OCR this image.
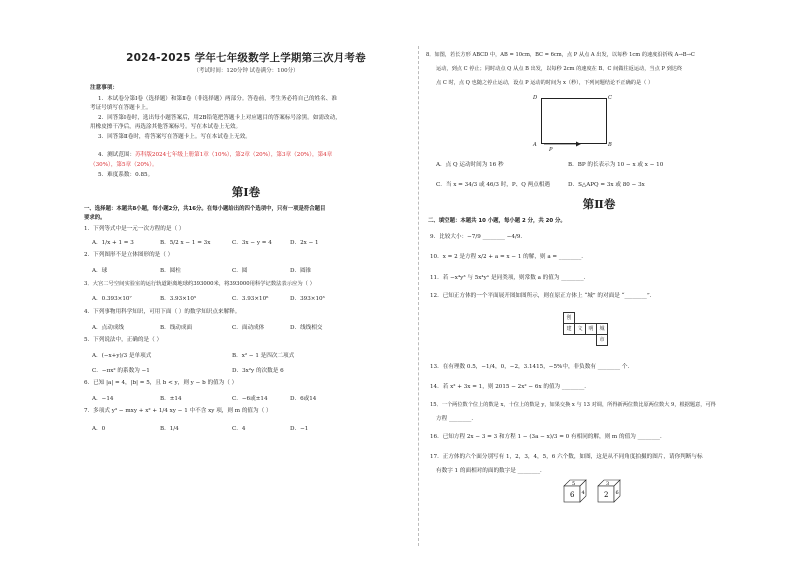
2024-2025 学年七年级数学上学期第三次月考卷
（考试时间：120分钟 试卷满分：100分）
注意事项：
1．本试卷分第Ⅰ卷（选择题）和第Ⅱ卷（非选择题）两部分。答卷前，考生务必将自己的姓名、准
考证号填写在答题卡上。
2．回答第Ⅰ卷时，选出每小题答案后，用2B铅笔把答题卡上对应题目的答案标号涂黑。如需改动，
用橡皮擦干净后，再选涂其他答案标号。写在本试卷上无效。
3．回答第Ⅱ卷时，将答案写在答题卡上。写在本试卷上无效。
4．测试范围：苏科版2024七年级上册第1章（10%），第2章（20%），第3章（20%），第4章
（30%），第5章（20%）。
5．难度系数：0.85。
第Ⅰ卷
一、选择题：本题共8小题，每小题2分，共16分。在每小题给出的四个选项中，只有一项是符合题目
要求的。
1．下列等式中是一元一次方程的是（ ）
A．1/x + 1 = 3	B．5/2 x − 1 = 3x	C．3x − y = 4	D．2x − 1
2．下列图形不是立体图形的是（ ）
A．球	B．圆柱	C．圆	D．圆锥
3．大宫二号空间实验室的运行轨道距离地球约393000米，将393000用科学记数法表示应为（ ）
A．0.393×10⁷	B．3.93×10⁵	C．3.93×10⁶	D．393×10³
4．下列事物用科学知识，可用下面（ ）的数学知识点来解释。
A．点动成线	B．线动成面	C．面动成体	D．线线相交
5．下列说法中，正确的是（ ）
A．(−x+y)/3 是单项式	B．x² − 1 是四次二项式
C．−πx² 的系数为 −1	D．3x²y 的次数是 6
6．已知 |a| = 4，|b| = 5，且 b < y，则 y − b 的值为（ ）
A．−14	B．±14	C．−6或±14	D．6或14
7．多项式 y³ − mxy + x² + 1/4 xy − 1 中不含 xy 项，则 m 的值为（ ）
A．0	B．1/4	C．4	D．−1
8．如图，若长方形 ABCD 中，AB = 10cm，BC = 6cm，点 P 从点 A 出发，以每秒 1cm 的速度沿折线 A→B→C
运动，到点 C 停止；同时动点 Q 从点 B 出发，以每秒 2cm 的速度在 B、C 间做往返运动，当点 P 到达终
点 C 时，点 Q 也随之停止运动，设点 P 运动的时间为 x（秒），下列问题结论不正确的是（ ）
D	C
A	B
P
A．点 Q 运动时间为 16 秒	B．BP 的长表示为 10 − x 或 x − 10
C．当 x = 34/3 或 46/3 时，P、Q 两点相遇	D．S△APQ = 3x 或 80 − 3x
第Ⅱ卷
二、填空题：本题共 10 小题，每小题 2 分，共 20 分。
9．比较大小：−7/9 ________ −4/9．
10．x = 2 是方程 x/2 + a = x − 1 的解，则 a = ________．
11．若 −x⁴y³ 与 5x⁴yⁿ 是同类项，则常数 a 的值为 ________．
12．已知正方体的一个平面展开图如图所示，则在原正方体上 “城” 的对面是 “________”．
创
建	文	明	城
市
13．在有理数 0.5，−1/4，0，−2，3.1415，−5%中，非负数有 ________ 个．
14．若 x² + 3x = 1，则 2015 − 2x² − 6x 的值为 ________．
15．一个两位数个位上的数是 x，十位上的数是 y，如果交换 x 与 13 对调，所得新两位数比原两位数大 9，根据题意，可得
方程 ________．
16．已知方程 2x − 3 = 3 和方程 1 − (3a − x)/3 = 0 有相同的解，则 m 的值为 ________．
17．正方体的六个面分别写有 1，2，3，4，5，6 六个数，如图，这是从不同角度拍摄的图片，请你判断与标
有数字 1 的面相对的面的数字是 ________．
5
6 4
3
2 6
